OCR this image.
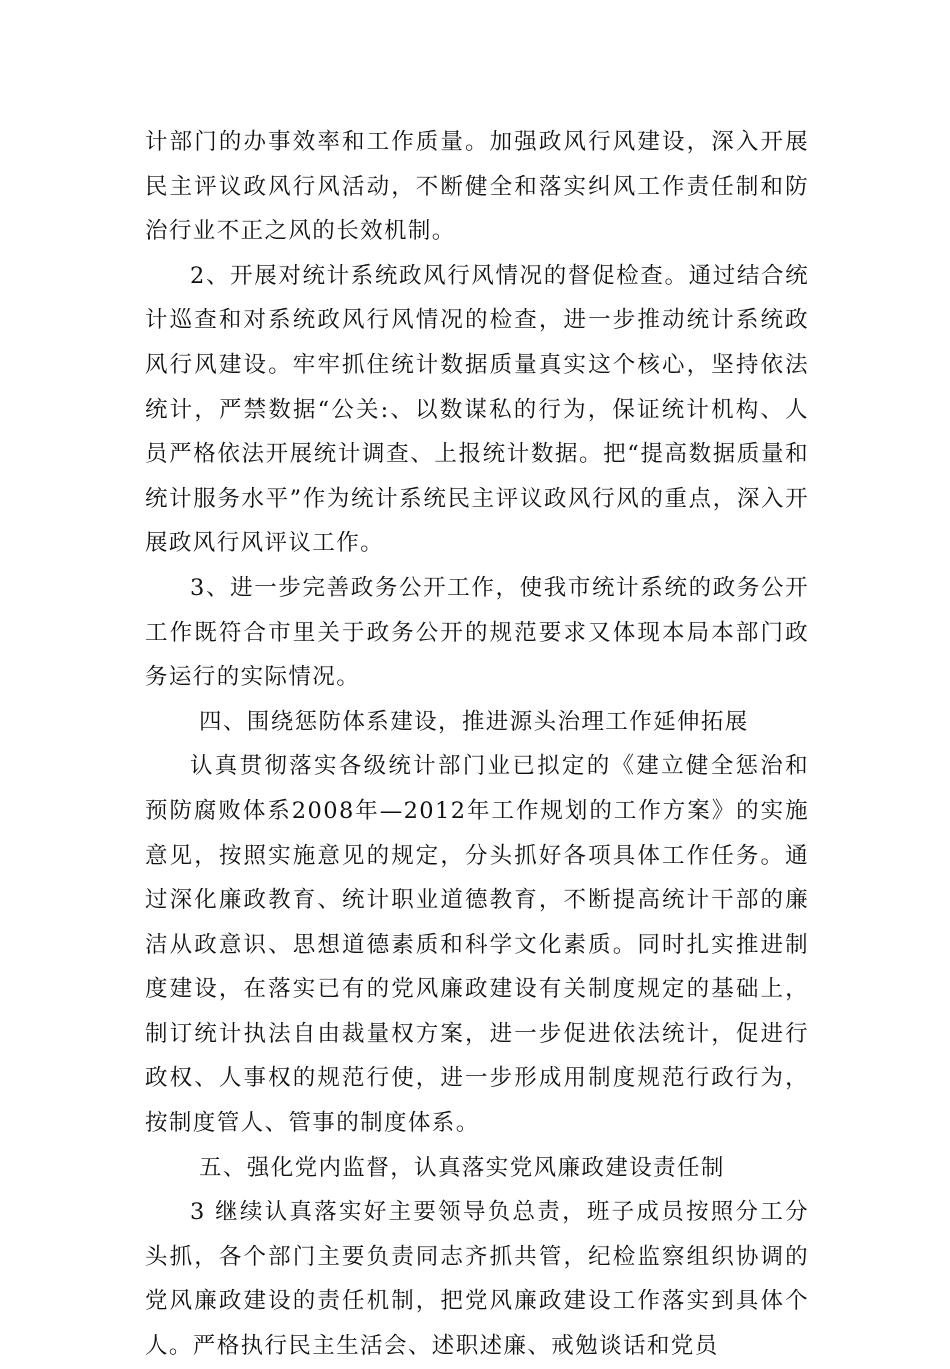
计部门的办事效率和工作质量。加强政风行风建设，深入开展民主评议政风行风活动，不断健全和落实纠风工作责任制和防治行业不正之风的长效机制。

2、开展对统计系统政风行风情况的督促检查。通过结合统计巡查和对系统政风行风情况的检查，进一步推动统计系统政风行风建设。牢牢抓住统计数据质量真实这个核心，坚持依法统计，严禁数据“公关:、以数谋私的行为，保证统计机构、人员严格依法开展统计调查、上报统计数据。把“提高数据质量和统计服务水平”作为统计系统民主评议政风行风的重点，深入开展政风行风评议工作。

3、进一步完善政务公开工作，使我市统计系统的政务公开工作既符合市里关于政务公开的规范要求又体现本局本部门政务运行的实际情况。

四、围绕惩防体系建设，推进源头治理工作延伸拓展

认真贯彻落实各级统计部门业已拟定的《建立健全惩治和预防腐败体系2008年—2012年工作规划的工作方案》的实施意见，按照实施意见的规定，分头抓好各项具体工作任务。通过深化廉政教育、统计职业道德教育，不断提高统计干部的廉洁从政意识、思想道德素质和科学文化素质。同时扎实推进制度建设，在落实已有的党风廉政建设有关制度规定的基础上，制订统计执法自由裁量权方案，进一步促进依法统计，促进行政权、人事权的规范行使，进一步形成用制度规范行政行为，按制度管人、管事的制度体系。

五、强化党内监督，认真落实党风廉政建设责任制

3 继续认真落实好主要领导负总责，班子成员按照分工分头抓，各个部门主要负责同志齐抓共管，纪检监察组织协调的党风廉政建设的责任机制，把党风廉政建设工作落实到具体个人。严格执行民主生活会、述职述廉、戒勉谈话和党员
